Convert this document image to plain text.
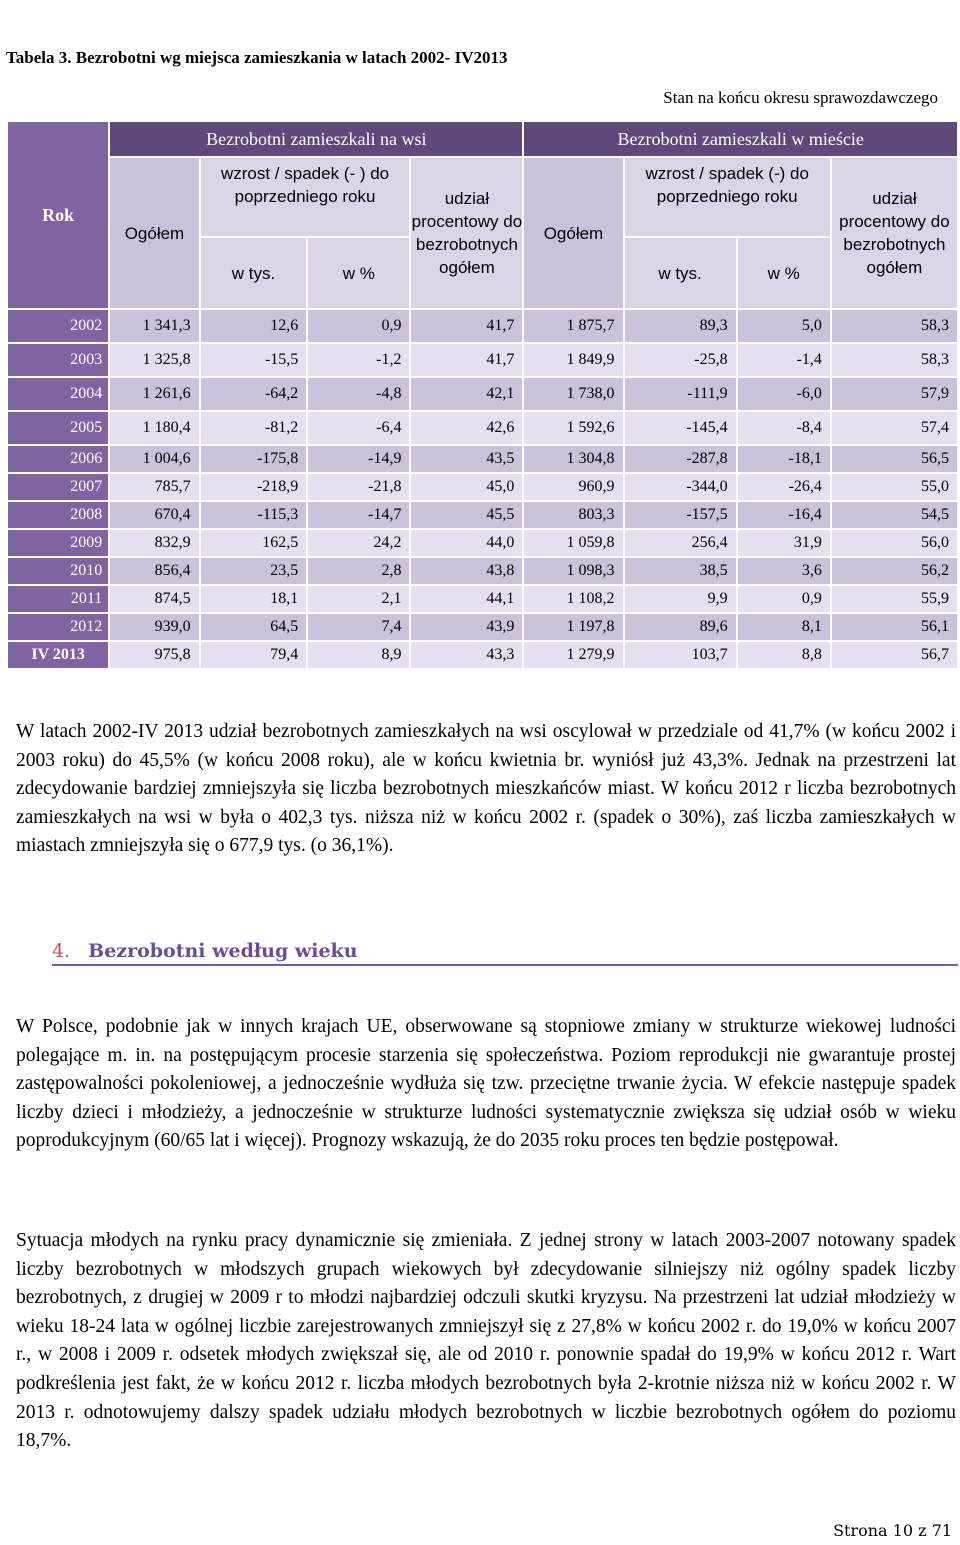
Tabela 3. Bezrobotni wg miejsca zamieszkania w latach 2002- IV2013
Stan na końcu okresu sprawozdawczego
Rok	Bezrobotni zamieszkali na wsi				Bezrobotni zamieszkali w mieście			
	Ogółem	wzrost / spadek (- ) do poprzedniego roku		udział procentowy do bezrobotnych ogółem	Ogółem	wzrost / spadek (-) do poprzedniego roku		udział procentowy do bezrobotnych ogółem
		w tys.	w %			w tys.	w %	
2002	1 341,3	12,6	0,9	41,7	1 875,7	89,3	5,0	58,3
2003	1 325,8	-15,5	-1,2	41,7	1 849,9	-25,8	-1,4	58,3
2004	1 261,6	-64,2	-4,8	42,1	1 738,0	-111,9	-6,0	57,9
2005	1 180,4	-81,2	-6,4	42,6	1 592,6	-145,4	-8,4	57,4
2006	1 004,6	-175,8	-14,9	43,5	1 304,8	-287,8	-18,1	56,5
2007	785,7	-218,9	-21,8	45,0	960,9	-344,0	-26,4	55,0
2008	670,4	-115,3	-14,7	45,5	803,3	-157,5	-16,4	54,5
2009	832,9	162,5	24,2	44,0	1 059,8	256,4	31,9	56,0
2010	856,4	23,5	2,8	43,8	1 098,3	38,5	3,6	56,2
2011	874,5	18,1	2,1	44,1	1 108,2	9,9	0,9	55,9
2012	939,0	64,5	7,4	43,9	1 197,8	89,6	8,1	56,1
IV 2013	975,8	79,4	8,9	43,3	1 279,9	103,7	8,8	56,7
W latach 2002-IV 2013 udział bezrobotnych zamieszkałych na wsi oscylował w przedziale od 41,7% (w końcu 2002 i 2003 roku) do 45,5% (w końcu 2008 roku), ale w końcu kwietnia br. wyniósł już 43,3%. Jednak na przestrzeni lat zdecydowanie bardziej zmniejszyła się liczba bezrobotnych mieszkańców miast. W końcu 2012 r liczba bezrobotnych zamieszkałych na wsi w była o 402,3 tys. niższa niż w końcu 2002 r. (spadek o 30%), zaś liczba zamieszkałych w miastach zmniejszyła się o 677,9 tys. (o 36,1%).
4. Bezrobotni według wieku
W Polsce, podobnie jak w innych krajach UE, obserwowane są stopniowe zmiany w strukturze wiekowej ludności polegające m. in. na postępującym procesie starzenia się społeczeństwa. Poziom reprodukcji nie gwarantuje prostej zastępowalności pokoleniowej, a jednocześnie wydłuża się tzw. przeciętne trwanie życia. W efekcie następuje spadek liczby dzieci i młodzieży, a jednocześnie w strukturze ludności systematycznie zwiększa się udział osób w wieku poprodukcyjnym (60/65 lat i więcej). Prognozy wskazują, że do 2035 roku proces ten będzie postępował.
Sytuacja młodych na rynku pracy dynamicznie się zmieniała. Z jednej strony w latach 2003-2007 notowany spadek liczby bezrobotnych w młodszych grupach wiekowych był zdecydowanie silniejszy niż ogólny spadek liczby bezrobotnych, z drugiej w 2009 r to młodzi najbardziej odczuli skutki kryzysu. Na przestrzeni lat udział młodzieży w wieku 18-24 lata w ogólnej liczbie zarejestrowanych zmniejszył się z 27,8% w końcu 2002 r. do 19,0% w końcu 2007 r., w 2008 i 2009 r. odsetek młodych zwiększał się, ale od 2010 r. ponownie spadał do 19,9% w końcu 2012 r. Wart podkreślenia jest fakt, że w końcu 2012 r. liczba młodych bezrobotnych była 2-krotnie niższa niż w końcu 2002 r. W 2013 r. odnotowujemy dalszy spadek udziału młodych bezrobotnych w liczbie bezrobotnych ogółem do poziomu 18,7%.
Strona 10 z 71
